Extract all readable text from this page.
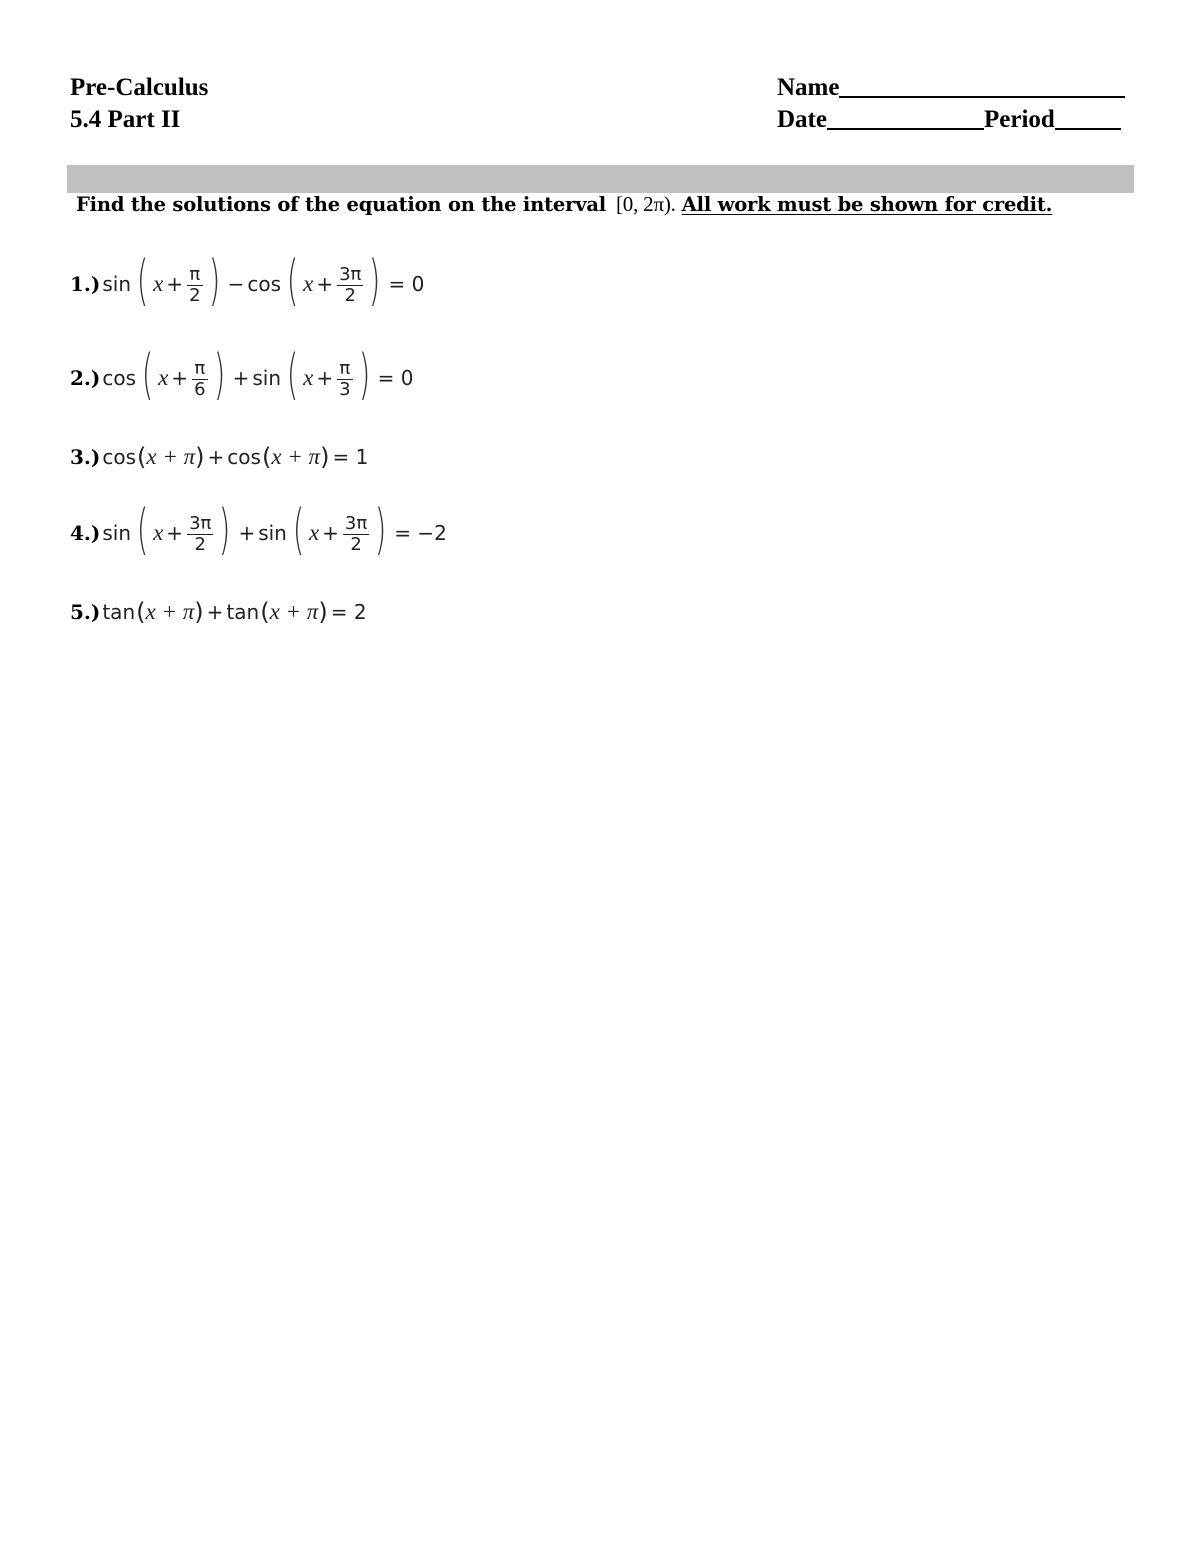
Pre-Calculus
5.4 Part II
Name
Date	Period
Find the solutions of the equation on the interval [0, 2π). All work must be shown for credit.
1.) sin ( $x + \frac{\pi}{2}$ ) − cos ( $x + \frac{3\pi}{2}$ ) = 0
2.) cos ( $x + \frac{\pi}{6}$ ) + sin ( $x + \frac{\pi}{3}$ ) = 0
3.) cos ( x + π ) + cos ( x + π ) = 1
4.) sin ( $x + \frac{3\pi}{2}$ ) + sin ( $x + \frac{3\pi}{2}$ ) = −2
5.) tan ( x + π ) + tan ( x + π ) = 2
